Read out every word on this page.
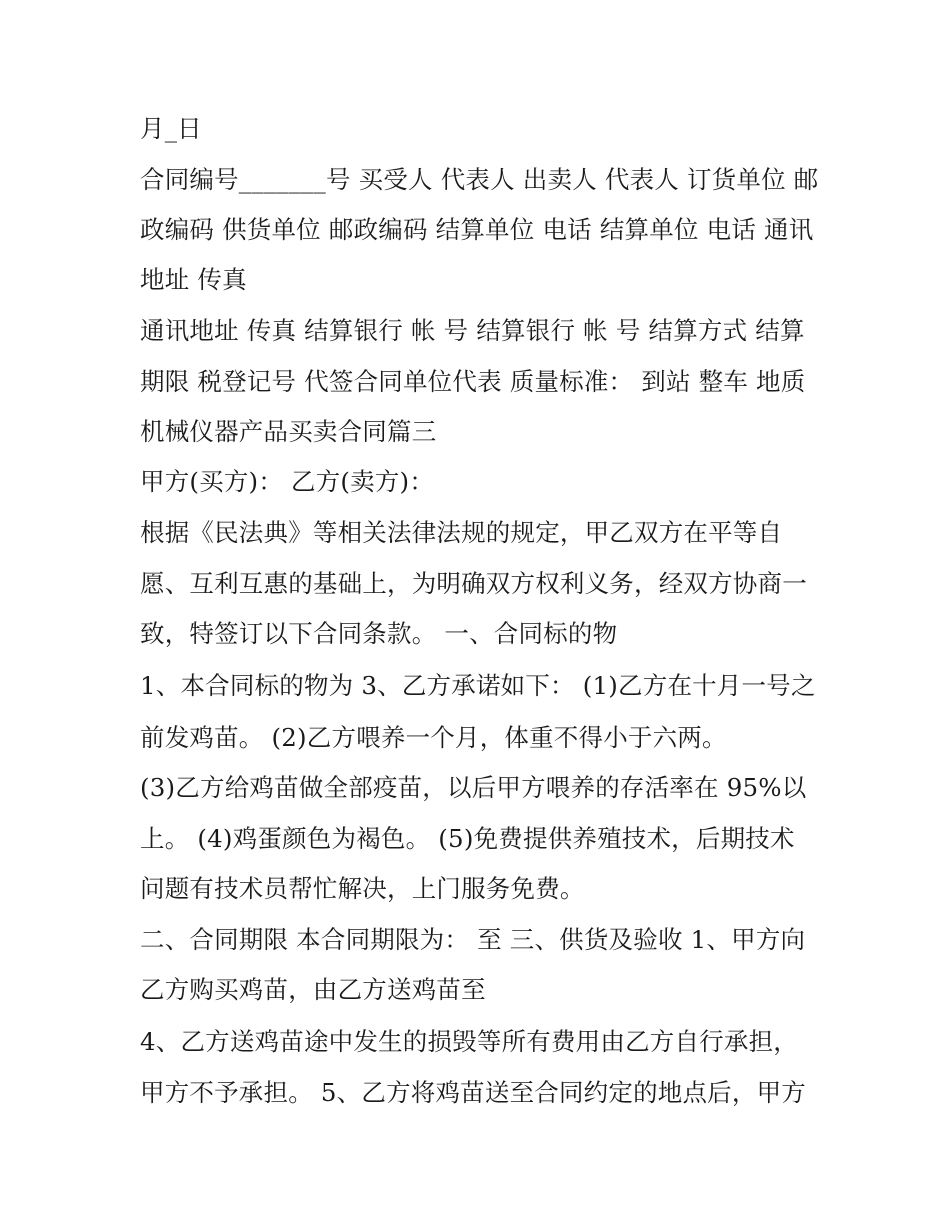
月_日
合同编号_______号 买受人 代表人 出卖人 代表人 订货单位 邮
政编码 供货单位 邮政编码 结算单位 电话 结算单位 电话 通讯
地址 传真
通讯地址 传真 结算银行 帐 号 结算银行 帐 号 结算方式 结算
期限 税登记号 代签合同单位代表 质量标准： 到站 整车 地质
机械仪器产品买卖合同篇三
甲方(买方)： 乙方(卖方)：
根据《民法典》等相关法律法规的规定，甲乙双方在平等自
愿、互利互惠的基础上，为明确双方权利义务，经双方协商一
致，特签订以下合同条款。 一、合同标的物
1、本合同标的物为 3、乙方承诺如下： (1)乙方在十月一号之
前发鸡苗。 (2)乙方喂养一个月，体重不得小于六两。
(3)乙方给鸡苗做全部疫苗，以后甲方喂养的存活率在 95%以
上。 (4)鸡蛋颜色为褐色。 (5)免费提供养殖技术，后期技术
问题有技术员帮忙解决，上门服务免费。
二、合同期限 本合同期限为： 至 三、供货及验收 1、甲方向
乙方购买鸡苗，由乙方送鸡苗至
4、乙方送鸡苗途中发生的损毁等所有费用由乙方自行承担，
甲方不予承担。 5、乙方将鸡苗送至合同约定的地点后，甲方
